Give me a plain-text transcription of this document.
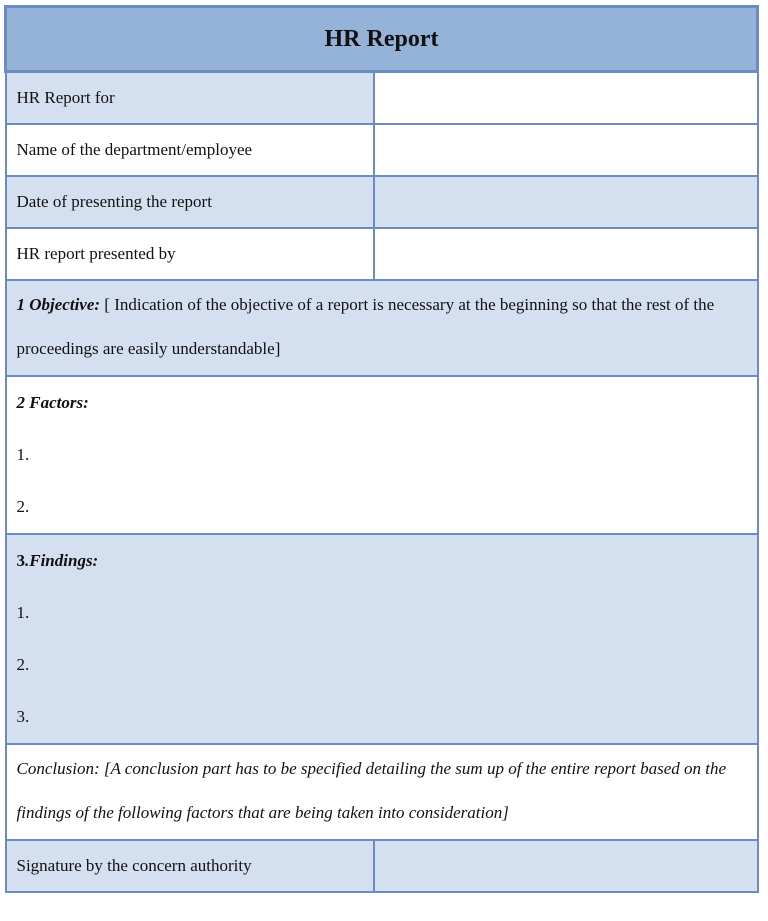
HR Report	
HR Report for	
Name of the department/employee	
Date of presenting the report	
HR report presented by	
1 Objective: [ Indication of the objective of a report is necessary at the beginning so that the rest of the proceedings are easily understandable]	

2 Factors:
1.
2.	

3.Findings:
1.
2.
3.	

Conclusion: [A conclusion part has to be specified detailing the sum up of the entire report based on the findings of the following factors that are being taken into consideration]	
Signature by the concern authority	
